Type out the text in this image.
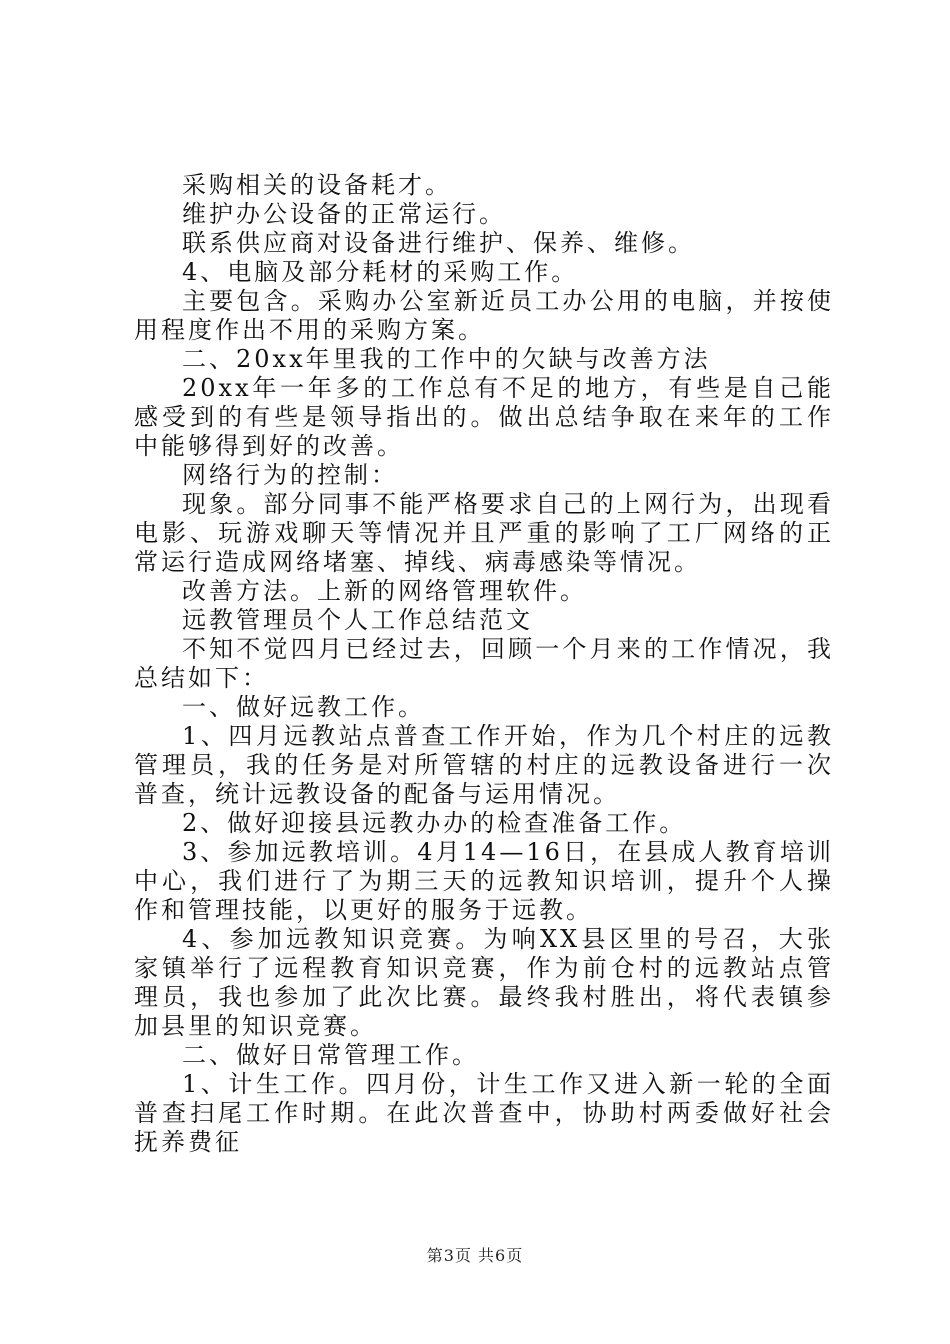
采购相关的设备耗才。

维护办公设备的正常运行。

联系供应商对设备进行维护、保养、维修。

4、电脑及部分耗材的采购工作。

主要包含。采购办公室新近员工办公用的电脑，并按使用程度作出不用的采购方案。

二、20xx年里我的工作中的欠缺与改善方法

20xx年一年多的工作总有不足的地方，有些是自己能感受到的有些是领导指出的。做出总结争取在来年的工作中能够得到好的改善。

网络行为的控制：

现象。部分同事不能严格要求自己的上网行为，出现看电影、玩游戏聊天等情况并且严重的影响了工厂网络的正常运行造成网络堵塞、掉线、病毒感染等情况。

改善方法。上新的网络管理软件。

远教管理员个人工作总结范文

不知不觉四月已经过去，回顾一个月来的工作情况，我总结如下：

一、做好远教工作。

1、四月远教站点普查工作开始，作为几个村庄的远教管理员，我的任务是对所管辖的村庄的远教设备进行一次普查，统计远教设备的配备与运用情况。

2、做好迎接县远教办办的检查准备工作。

3、参加远教培训。4月14—16日，在县成人教育培训中心，我们进行了为期三天的远教知识培训，提升个人操作和管理技能，以更好的服务于远教。

4、参加远教知识竞赛。为响XX县区里的号召，大张家镇举行了远程教育知识竞赛，作为前仓村的远教站点管理员，我也参加了此次比赛。最终我村胜出，将代表镇参加县里的知识竞赛。

二、做好日常管理工作。

1、计生工作。四月份，计生工作又进入新一轮的全面普查扫尾工作时期。在此次普查中，协助村两委做好社会抚养费征

第3页 共6页
